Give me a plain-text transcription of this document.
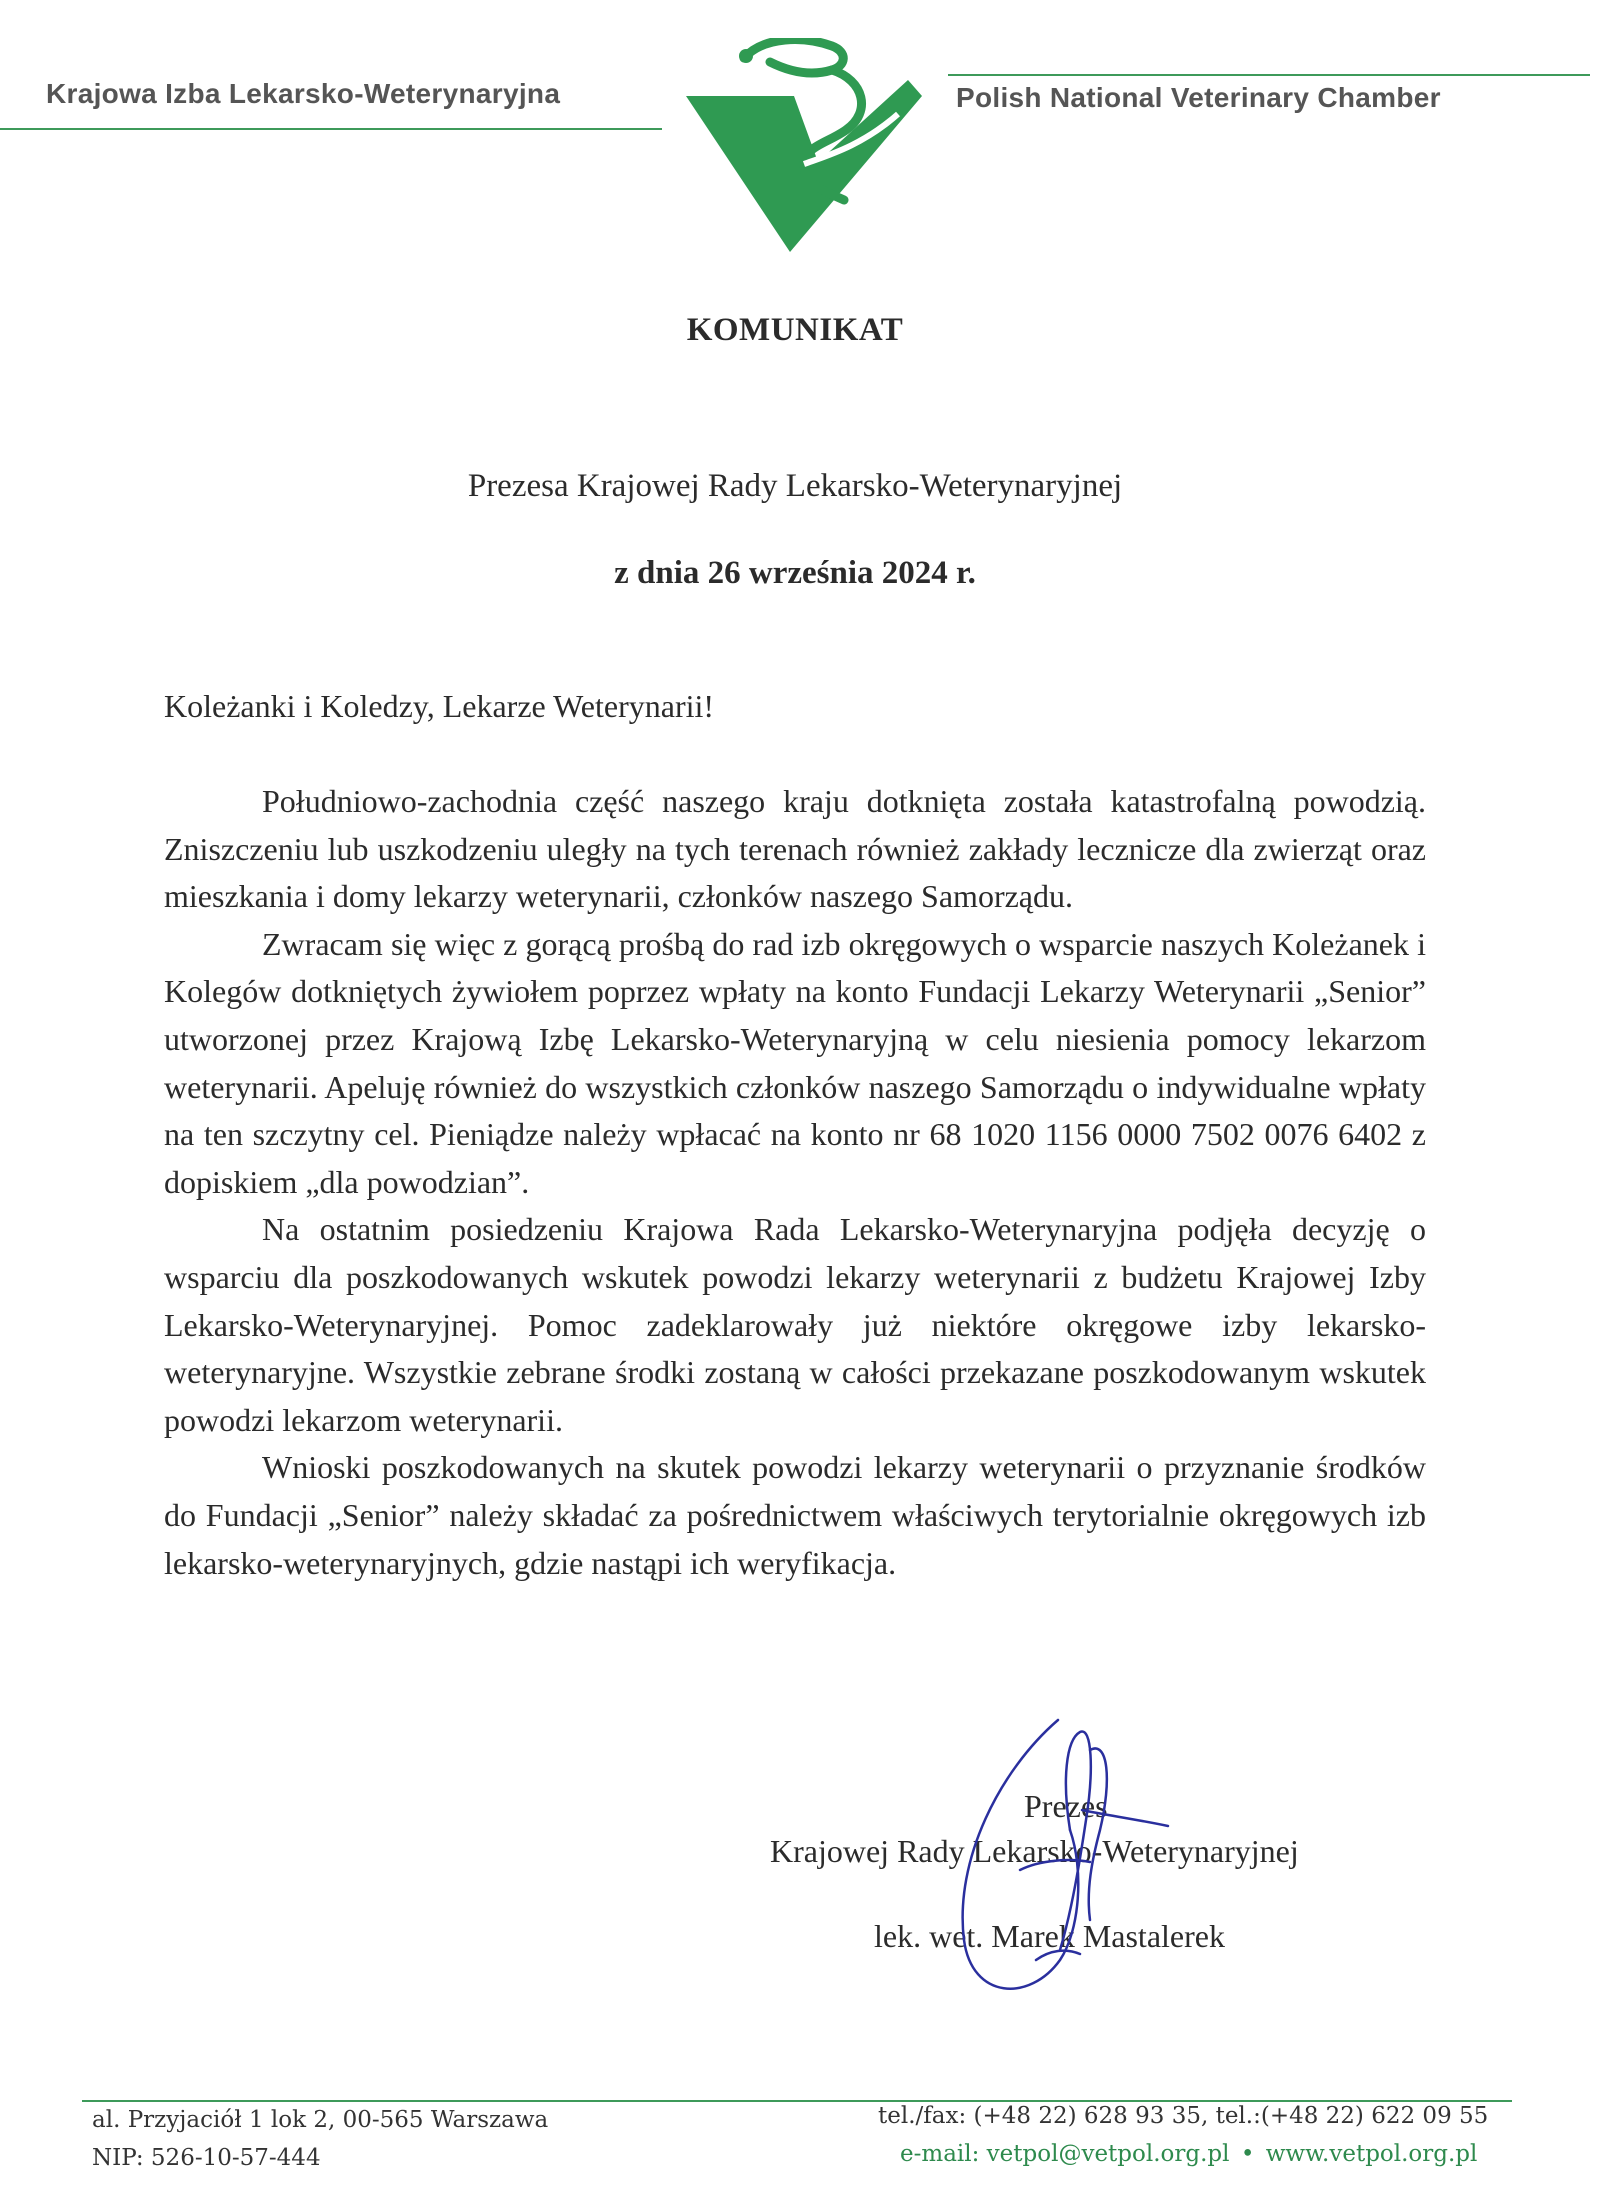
Krajowa Izba Lekarsko-Weterynaryjna	Polish National Veterinary Chamber
KOMUNIKAT
Prezesa Krajowej Rady Lekarsko-Weterynaryjnej
z dnia 26 września 2024 r.
Koleżanki i Koledzy, Lekarze Weterynarii!

Południowo-zachodnia część naszego kraju dotknięta została katastrofalną powodzią. Zniszczeniu lub uszkodzeniu uległy na tych terenach również zakłady lecznicze dla zwierząt oraz mieszkania i domy lekarzy weterynarii, członków naszego Samorządu.

Zwracam się więc z gorącą prośbą do rad izb okręgowych o wsparcie naszych Koleżanek i Kolegów dotkniętych żywiołem poprzez wpłaty na konto Fundacji Lekarzy Weterynarii „Senior” utworzonej przez Krajową Izbę Lekarsko-Weterynaryjną w celu niesienia pomocy lekarzom weterynarii. Apeluję również do wszystkich członków naszego Samorządu o indywidualne wpłaty na ten szczytny cel. Pieniądze należy wpłacać na konto nr 68 1020 1156 0000 7502 0076 6402 z dopiskiem „dla powodzian”.

Na ostatnim posiedzeniu Krajowa Rada Lekarsko-Weterynaryjna podjęła decyzję o wsparciu dla poszkodowanych wskutek powodzi lekarzy weterynarii z budżetu Krajowej Izby Lekarsko-Weterynaryjnej. Pomoc zadeklarowały już niektóre okręgowe izby lekarsko-weterynaryjne. Wszystkie zebrane środki zostaną w całości przekazane poszkodowanym wskutek powodzi lekarzom weterynarii.

Wnioski poszkodowanych na skutek powodzi lekarzy weterynarii o przyznanie środków do Fundacji „Senior” należy składać za pośrednictwem właściwych terytorialnie okręgowych izb lekarsko-weterynaryjnych, gdzie nastąpi ich weryfikacja.

Prezes
Krajowej Rady Lekarsko-Weterynaryjnej
lek. wet. Marek Mastalerek
al. Przyjaciół 1 lok 2, 00-565 Warszawa
NIP: 526-10-57-444
tel./fax: (+48 22) 628 93 35, tel.:(+48 22) 622 09 55
e-mail: vetpol@vetpol.org.pl • www.vetpol.org.pl
